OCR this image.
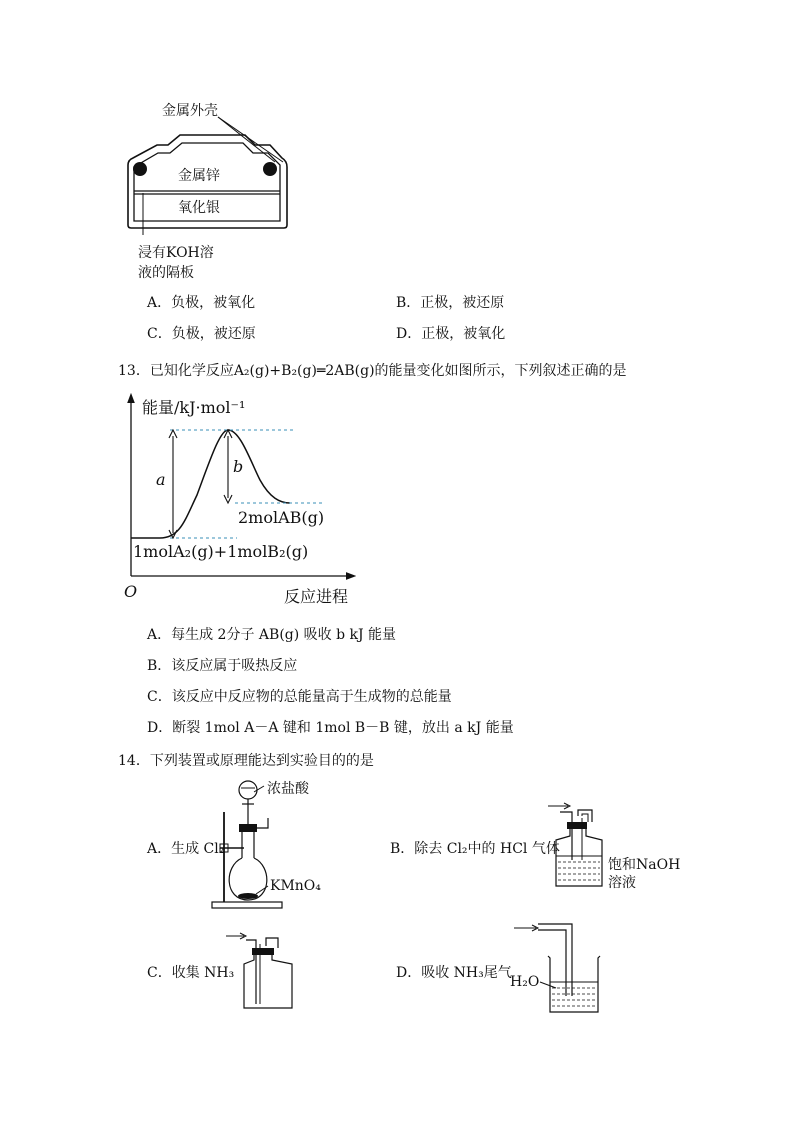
金属外壳
金属锌
氧化银
浸有KOH溶
液的隔板
A．负极，被氧化	B．正极，被还原
C．负极，被还原	D．正极，被氧化
13．已知化学反应A₂(g)+B₂(g)═2AB(g)的能量变化如图所示，下列叙述正确的是
能量/kJ·mol⁻¹
a
b
2molAB(g)
1molA₂(g)+1molB₂(g)
O	反应进程
A．每生成 2分子 AB(g) 吸收 b kJ 能量
B．该反应属于吸热反应
C．该反应中反应物的总能量高于生成物的总能量
D．断裂 1mol A－A 键和 1mol B－B 键，放出 a kJ 能量
14．下列装置或原理能达到实验目的的是
A．生成 Cl₂
浓盐酸
KMnO₄
B．除去 Cl₂中的 HCl 气体
饱和NaOH
溶液
C．收集 NH₃	D．吸收 NH₃尾气
H₂O
